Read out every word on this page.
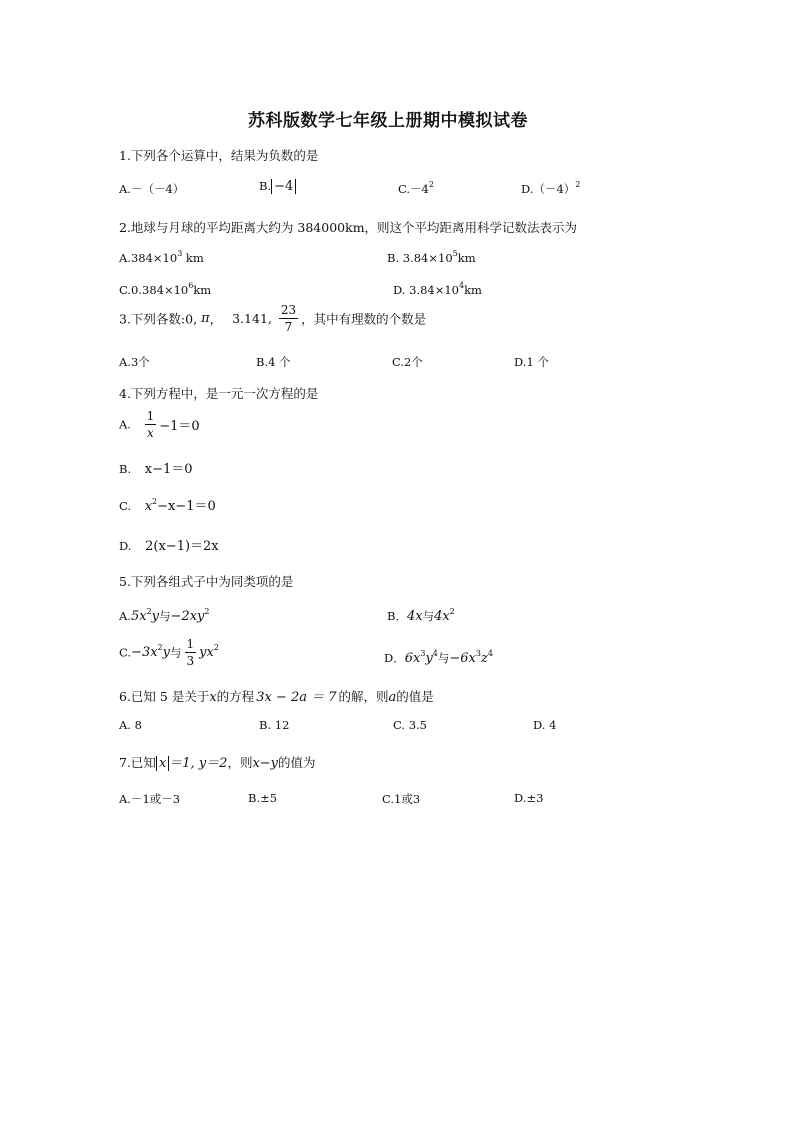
苏科版数学七年级上册期中模拟试卷
1.下列各个运算中，结果为负数的是
A.－（－4）	B. −4	$C.-4^2$	$D.(-4)^2$
2.地球与月球的平均距离大约为 384000km，则这个平均距离用科学记数法表示为
$A.384\times 10^3$ km	B. $3.84\times 10^5km$
$C.0.384\times 10^6km$	D. $3.84\times 10^4km$
3.下列各数:0, π， 3.141, $\frac{23}{7}$ ，其中有理数的个数是
A.3个	B.4 个	C.2个	D.1 个
4.下列方程中，是一元一次方程的是
A. $\frac{1}{x} -1=0$
B. x−1＝0
C. $x^2-x-1=0$
D. 2(x−1)＝2x
5.下列各组式子中为同类项的是
$A.5x^2y$与$-2xy^2$	B．4x与$4x^2$
$C.-3x^2y$与 $\frac{1}{3} yx^2$
D．$6x^3y^4$与$-6x^3z^4$
6.已知 5 是关于x的方程 3x − 2a ＝ 7 的解，则a的值是
A. 8	B. 12	C. 3.5	D. 4
7.已知 x ＝1, y＝2，则x−y的值为
A.－1或－3	B.±5	C.1或3	D.±3
